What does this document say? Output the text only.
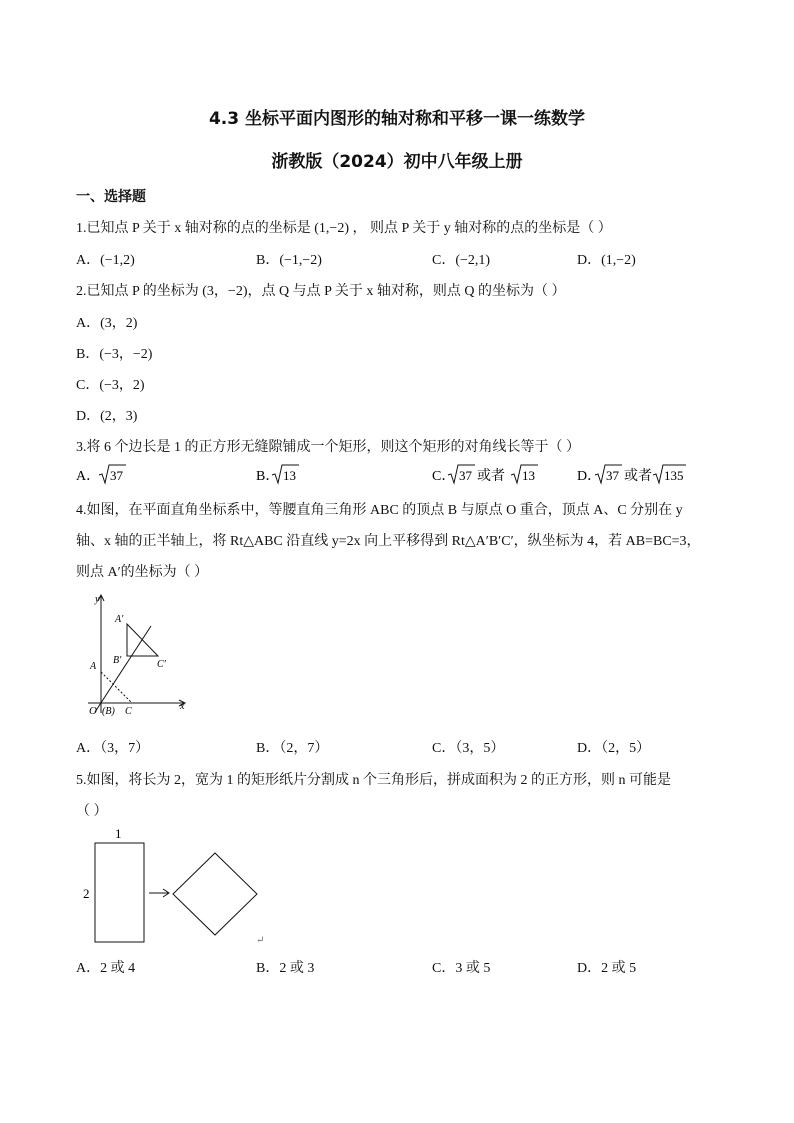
4.3 坐标平面内图形的轴对称和平移一课一练数学
浙教版（2024）初中八年级上册
一、选择题
1.已知点 P 关于 x 轴对称的点的坐标是 (1,−2) ， 则点 P 关于 y 轴对称的点的坐标是（ ）
A．(−1,2)	B．(−1,−2)	C．(−2,1)	D．(1,−2)
2.已知点 P 的坐标为 (3，−2)，点 Q 与点 P 关于 x 轴对称，则点 Q 的坐标为（ ）
A．(3，2)
B．(−3，−2)
C．(−3，2)
D．(2，3)
3.将 6 个边长是 1 的正方形无缝隙铺成一个矩形，则这个矩形的对角线长等于（ ）
A． 37	B． 13	C． 37 或者 13	D． 37 或者 135
4.如图，在平面直角坐标系中，等腰直角三角形 ABC 的顶点 B 与原点 O 重合，顶点 A、C 分别在 y
轴、x 轴的正半轴上，将 Rt△ABC 沿直线 y=2x 向上平移得到 Rt△A′B′C′，纵坐标为 4，若 AB=BC=3，
则点 A′的坐标为（ ）
y
x
A′
B′	C′
A
O (B) C
A．（3，7）	B．（2，7）	C．（3，5）	D．（2，5）
5.如图，将长为 2，宽为 1 的矩形纸片分割成 n 个三角形后，拼成面积为 2 的正方形，则 n 可能是
（ ）
1
2
↵
A．2 或 4	B．2 或 3	C．3 或 5	D．2 或 5
